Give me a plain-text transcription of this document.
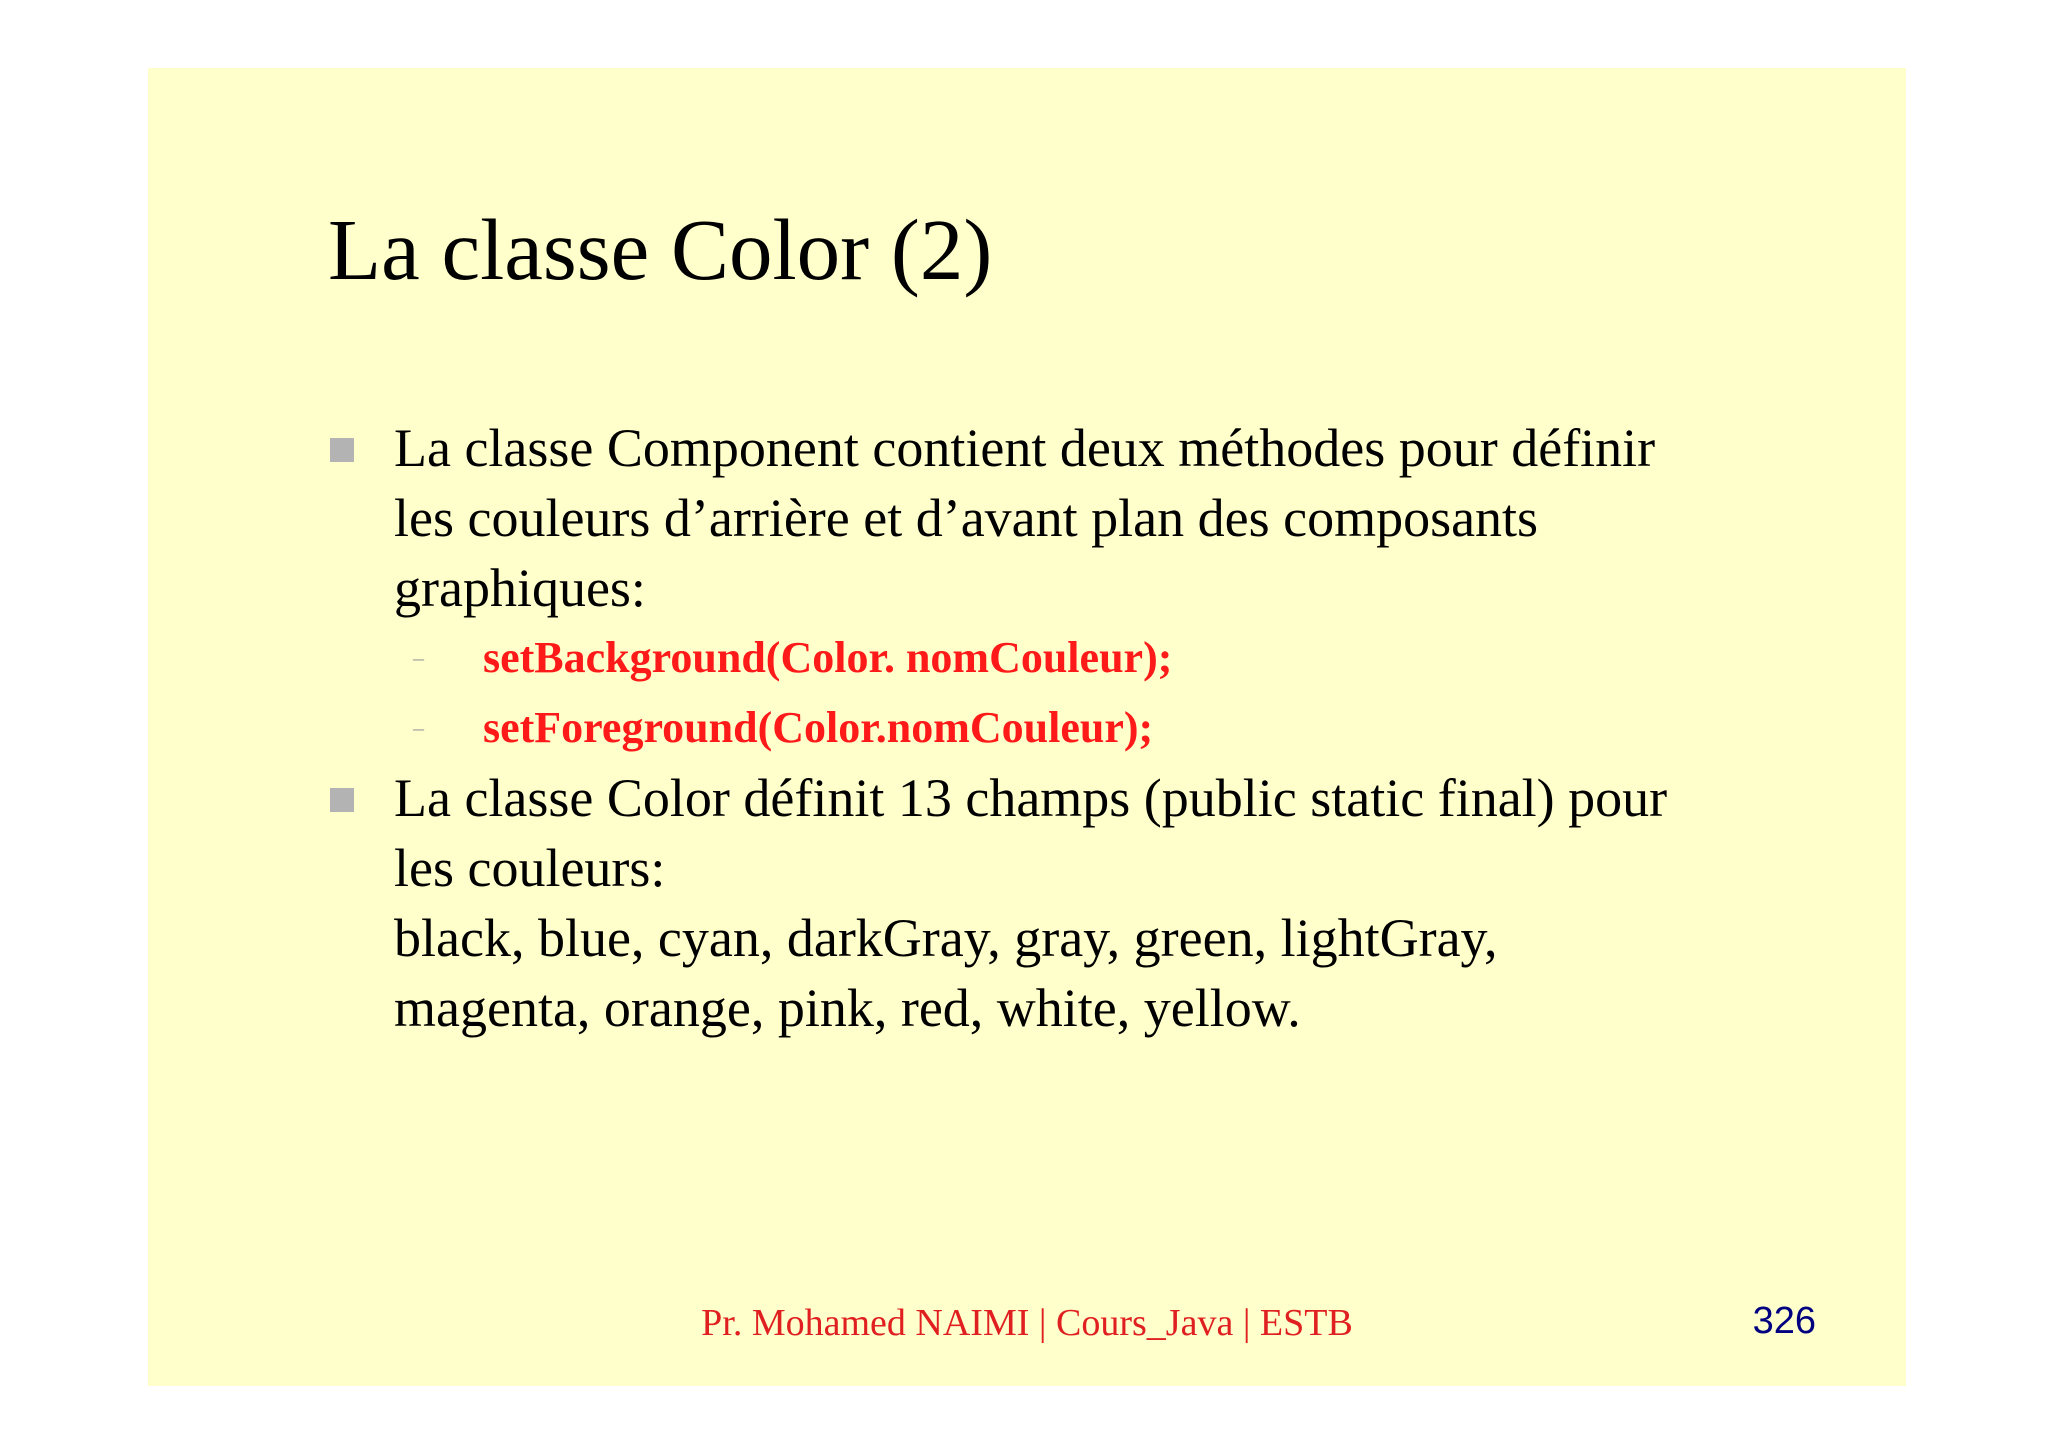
La classe Color (2)
La classe Component contient deux méthodes pour définir
les couleurs d’arrière et d’avant plan des composants
graphiques:
– setBackground(Color. nomCouleur);
– setForeground(Color.nomCouleur);
La classe Color définit 13 champs (public static final) pour
les couleurs:
black, blue, cyan, darkGray, gray, green, lightGray,
magenta, orange, pink, red, white, yellow.
Pr. Mohamed NAIMI | Cours_Java | ESTB	326
